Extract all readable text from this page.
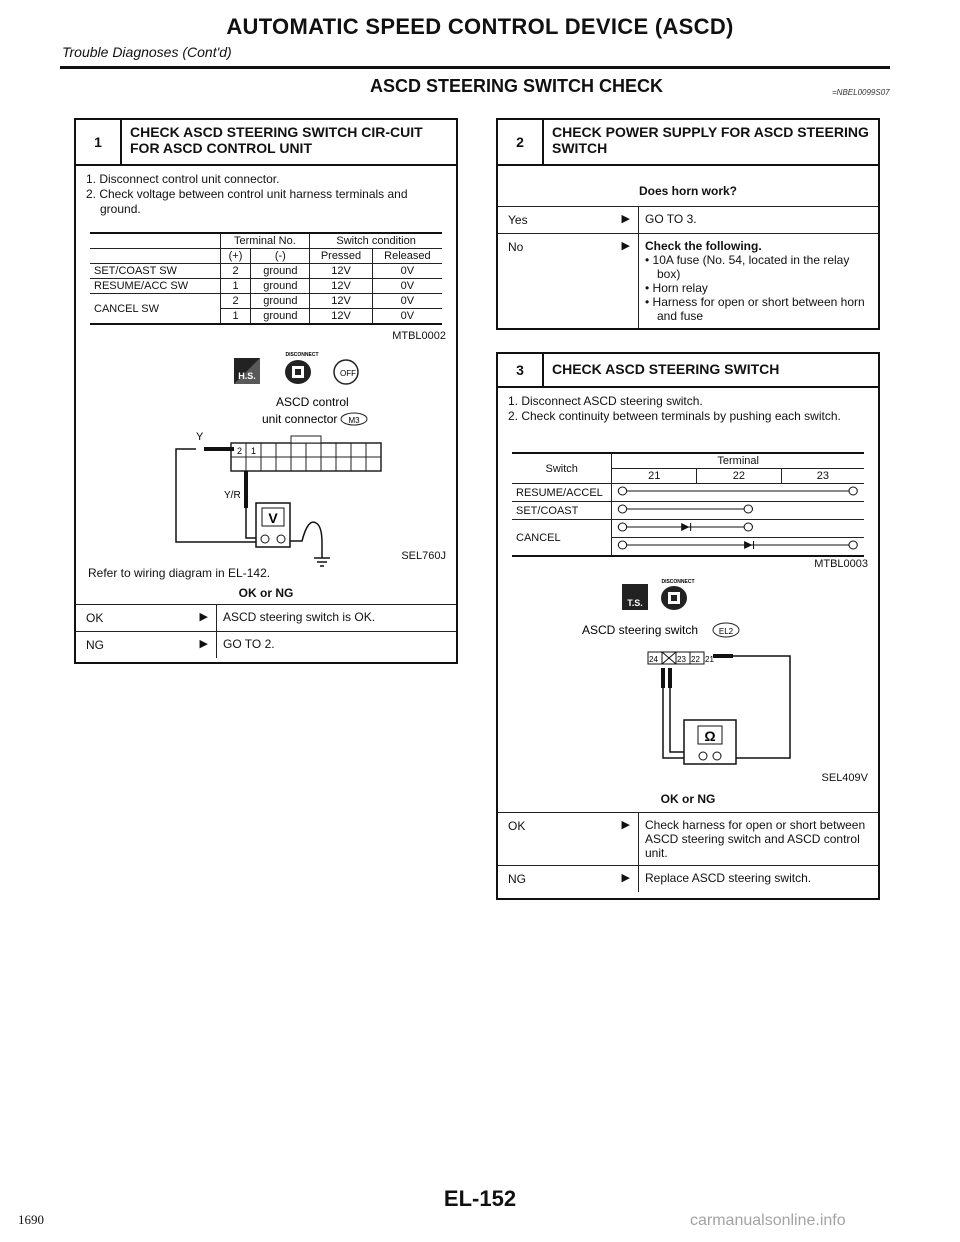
AUTOMATIC SPEED CONTROL DEVICE (ASCD)
Trouble Diagnoses (Cont'd)
ASCD STEERING SWITCH CHECK	=NBEL0099S07
1
CHECK ASCD STEERING SWITCH CIR-CUIT FOR ASCD CONTROL UNIT
1. Disconnect control unit connector.
2. Check voltage between control unit harness terminals and ground.
	Terminal No.		Switch condition	
	(+)	(-)	Pressed	Released
SET/COAST SW	2	ground	12V	0V
RESUME/ACC SW	1	ground	12V	0V
CANCEL SW	2	ground	12V	0V
	1	ground	12V	0V
MTBL0002
H.S.
DISCONNECT
OFF
ASCD control
unit connector M3
2 1
Y
Y/R
V
SEL760J
Refer to wiring diagram in EL-142.
OK or NG
OK	▶	ASCD steering switch is OK.
NG	▶	GO TO 2.
2
CHECK POWER SUPPLY FOR ASCD STEERING SWITCH
Does horn work?
Yes	▶	GO TO 3.
No	▶ Check the following.
• 10A fuse (No. 54, located in the relay box)
• Horn relay
• Harness for open or short between horn and fuse
3	CHECK ASCD STEERING SWITCH
1. Disconnect ASCD steering switch.
2. Check continuity between terminals by pushing each switch.
Switch	Terminal		
	21	22	23
RESUME/ACCEL	
SET/COAST	
CANCEL	

MTBL0003
T.S.
DISCONNECT
ASCD steering switch	EL2
24 23 22 21
Ω
SEL409V
OK or NG
OK	▶	Check harness for open or short between ASCD steering switch and ASCD control unit.
NG	▶	Replace ASCD steering switch.
EL-152
1690	carmanualsonline.info
